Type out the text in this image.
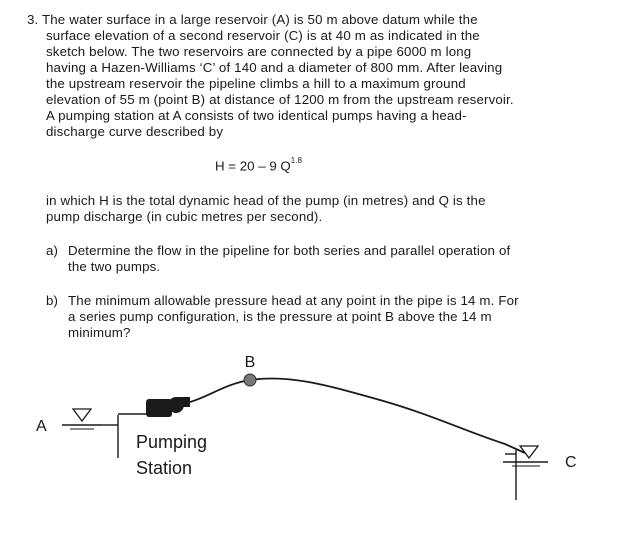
3. The water surface in a large reservoir (A) is 50 m above datum while the
surface elevation of a second reservoir (C) is at 40 m as indicated in the
sketch below. The two reservoirs are connected by a pipe 6000 m long
having a Hazen-Williams ‘C’ of 140 and a diameter of 800 mm. After leaving
the upstream reservoir the pipeline climbs a hill to a maximum ground
elevation of 55 m (point B) at distance of 1200 m from the upstream reservoir.
A pumping station at A consists of two identical pumps having a head-
discharge curve described by
H = 20 – 9 $Q^{1.8}$
in which H is the total dynamic head of the pump (in metres) and Q is the
pump discharge (in cubic metres per second).
a) Determine the flow in the pipeline for both series and parallel operation of
the two pumps.
b) The minimum allowable pressure head at any point in the pipe is 14 m. For
a series pump configuration, is the pressure at point B above the 14 m
minimum?
B
A
C
Pumping
Station
